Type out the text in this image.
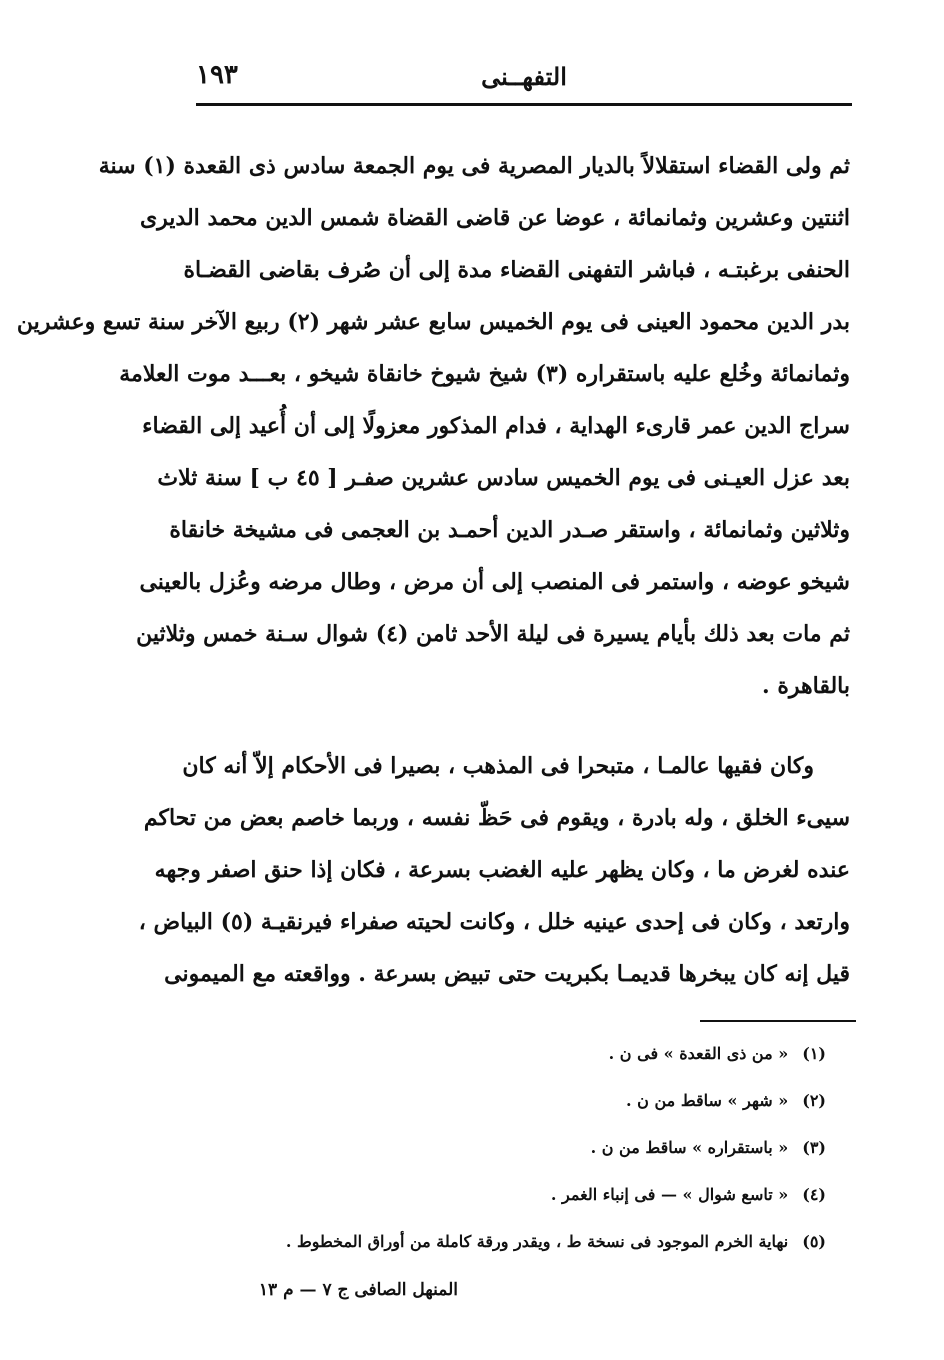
التفهــنى
١٩٣
ثم ولى القضاء استقلالاً بالديار المصرية فى يوم الجمعة سادس ذى القعدة (١) سنة
اثنتين وعشرين وثمانمائة ، عوضا عن قاضى القضاة شمس الدين محمد الديرى
الحنفى برغبتـه ، فباشر التفهنى القضاء مدة إلى أن صُرف بقاضى القضـاة
بدر الدين محمود العينى فى يوم الخميس سابع عشر شهر (٢) ربيع الآخر سنة تسع وعشرين
وثمانمائة وخُلع عليه باستقراره (٣) شيخ شيوخ خانقاة شيخو ، بعـــد موت العلامة
سراج الدين عمر قارىء الهداية ، فدام المذكور معزولًا إلى أن أُعيد إلى القضاء
بعد عزل العيـنى فى يوم الخميس سادس عشرين صفـر [ ٤٥ ب ] سنة ثلاث
وثلاثين وثمانمائة ، واستقر صـدر الدين أحمـد بن العجمى فى مشيخة خانقاة
شيخو عوضه ، واستمر فى المنصب إلى أن مرض ، وطال مرضه وعُزل بالعينى
ثم مات بعد ذلك بأيام يسيرة فى ليلة الأحد ثامن (٤) شوال سـنة خمس وثلاثين
بالقاهرة .
وكان فقيها عالمـا ، متبحرا فى المذهب ، بصيرا فى الأحكام إلاّ أنه كان
سيىء الخلق ، وله بادرة ، ويقوم فى حَظّ نفسه ، وربما خاصم بعض من تحاكم
عنده لغرض ما ، وكان يظهر عليه الغضب بسرعة ، فكان إذا حنق اصفر وجهه
وارتعد ، وكان فى إحدى عينيه خلل ، وكانت لحيته صفراء فيرنقيـة (٥) البياض ،
قيل إنه كان يبخرها قديمـا بكبريت حتى تبيض بسرعة . وواقعته مع الميمونى
(١)« من ذى القعدة » فى ن .
(٢)« شهر » ساقط من ن .
(٣)« باستقراره » ساقط من ن .
(٤)« تاسع شوال » — فى إنباء الغمر .
(٥)نهاية الخرم الموجود فى نسخة ط ، ويقدر ورقة كاملة من أوراق المخطوط .
المنهل الصافى ج ٧ — م ١٣
